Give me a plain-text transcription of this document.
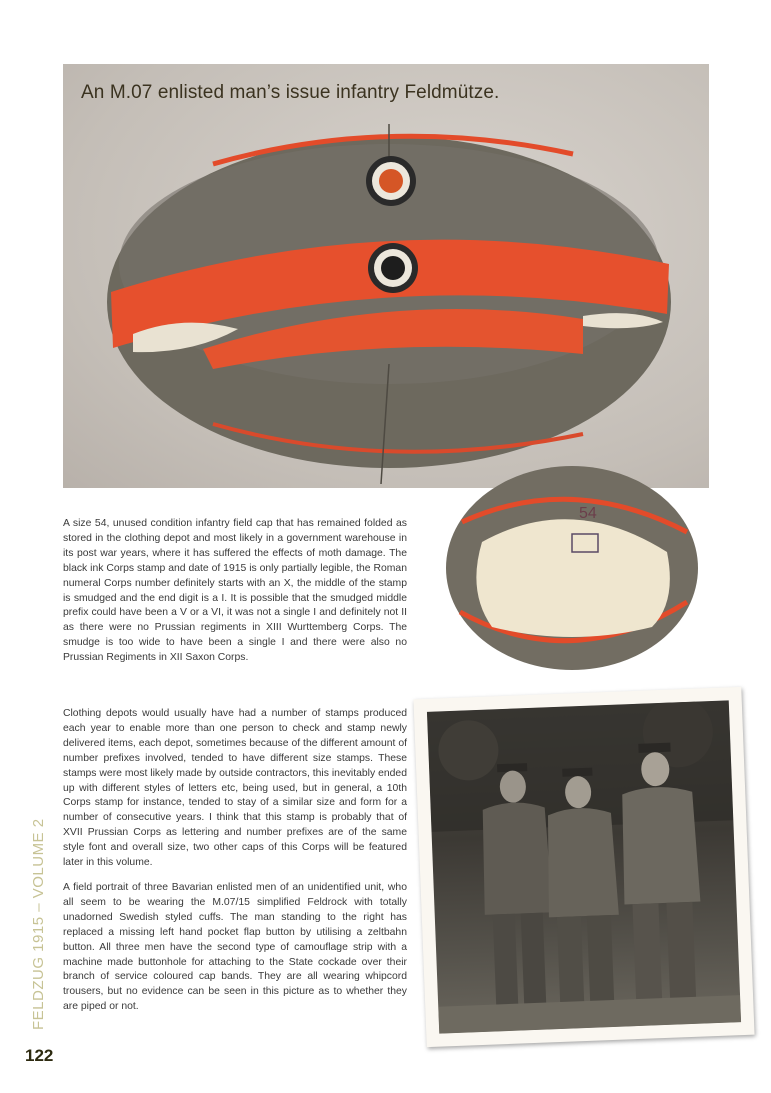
An M.07 enlisted man’s issue infantry Feldmütze.
54

A size 54, unused condition infantry field cap that has remained folded as stored in the clothing depot and most likely in a government warehouse in its post war years, where it has suffered the effects of moth damage. The black ink Corps stamp and date of 1915 is only partially legible, the Roman numeral Corps number definitely starts with an X, the middle of the stamp is smudged and the end digit is a I. It is possible that the smudged middle prefix could have been a V or a VI, it was not a single I and definitely not II as there were no Prussian regiments in XIII Wurttemberg Corps. The smudge is too wide to have been a single I and there were also no Prussian Regiments in XII Saxon Corps.

Clothing depots would usually have had a number of stamps produced each year to enable more than one person to check and stamp newly delivered items, each depot, sometimes because of the different amount of number prefixes involved, tended to have different size stamps. These stamps were most likely made by outside contractors, this inevitably ended up with different styles of letters etc, being used, but in general, a 10th Corps stamp for instance, tended to stay of a similar size and form for a number of consecutive years. I think that this stamp is probably that of XVII Prussian Corps as lettering and number prefixes are of the same style font and overall size, two other caps of this Corps will be featured later in this volume.

A field portrait of three Bavarian enlisted men of an unidentified unit, who all seem to be wearing the M.07/15 simplified Feldrock with totally unadorned Swedish styled cuffs. The man standing to the right has replaced a missing left hand pocket flap button by utilising a zeltbahn button. All three men have the second type of camouflage strip with a machine made buttonhole for attaching to the State cockade over their branch of service coloured cap bands. They are all wearing whipcord trousers, but no evidence can be seen in this picture as to whether they are piped or not.

FELDZUG 1915 – VOLUME 2
122
